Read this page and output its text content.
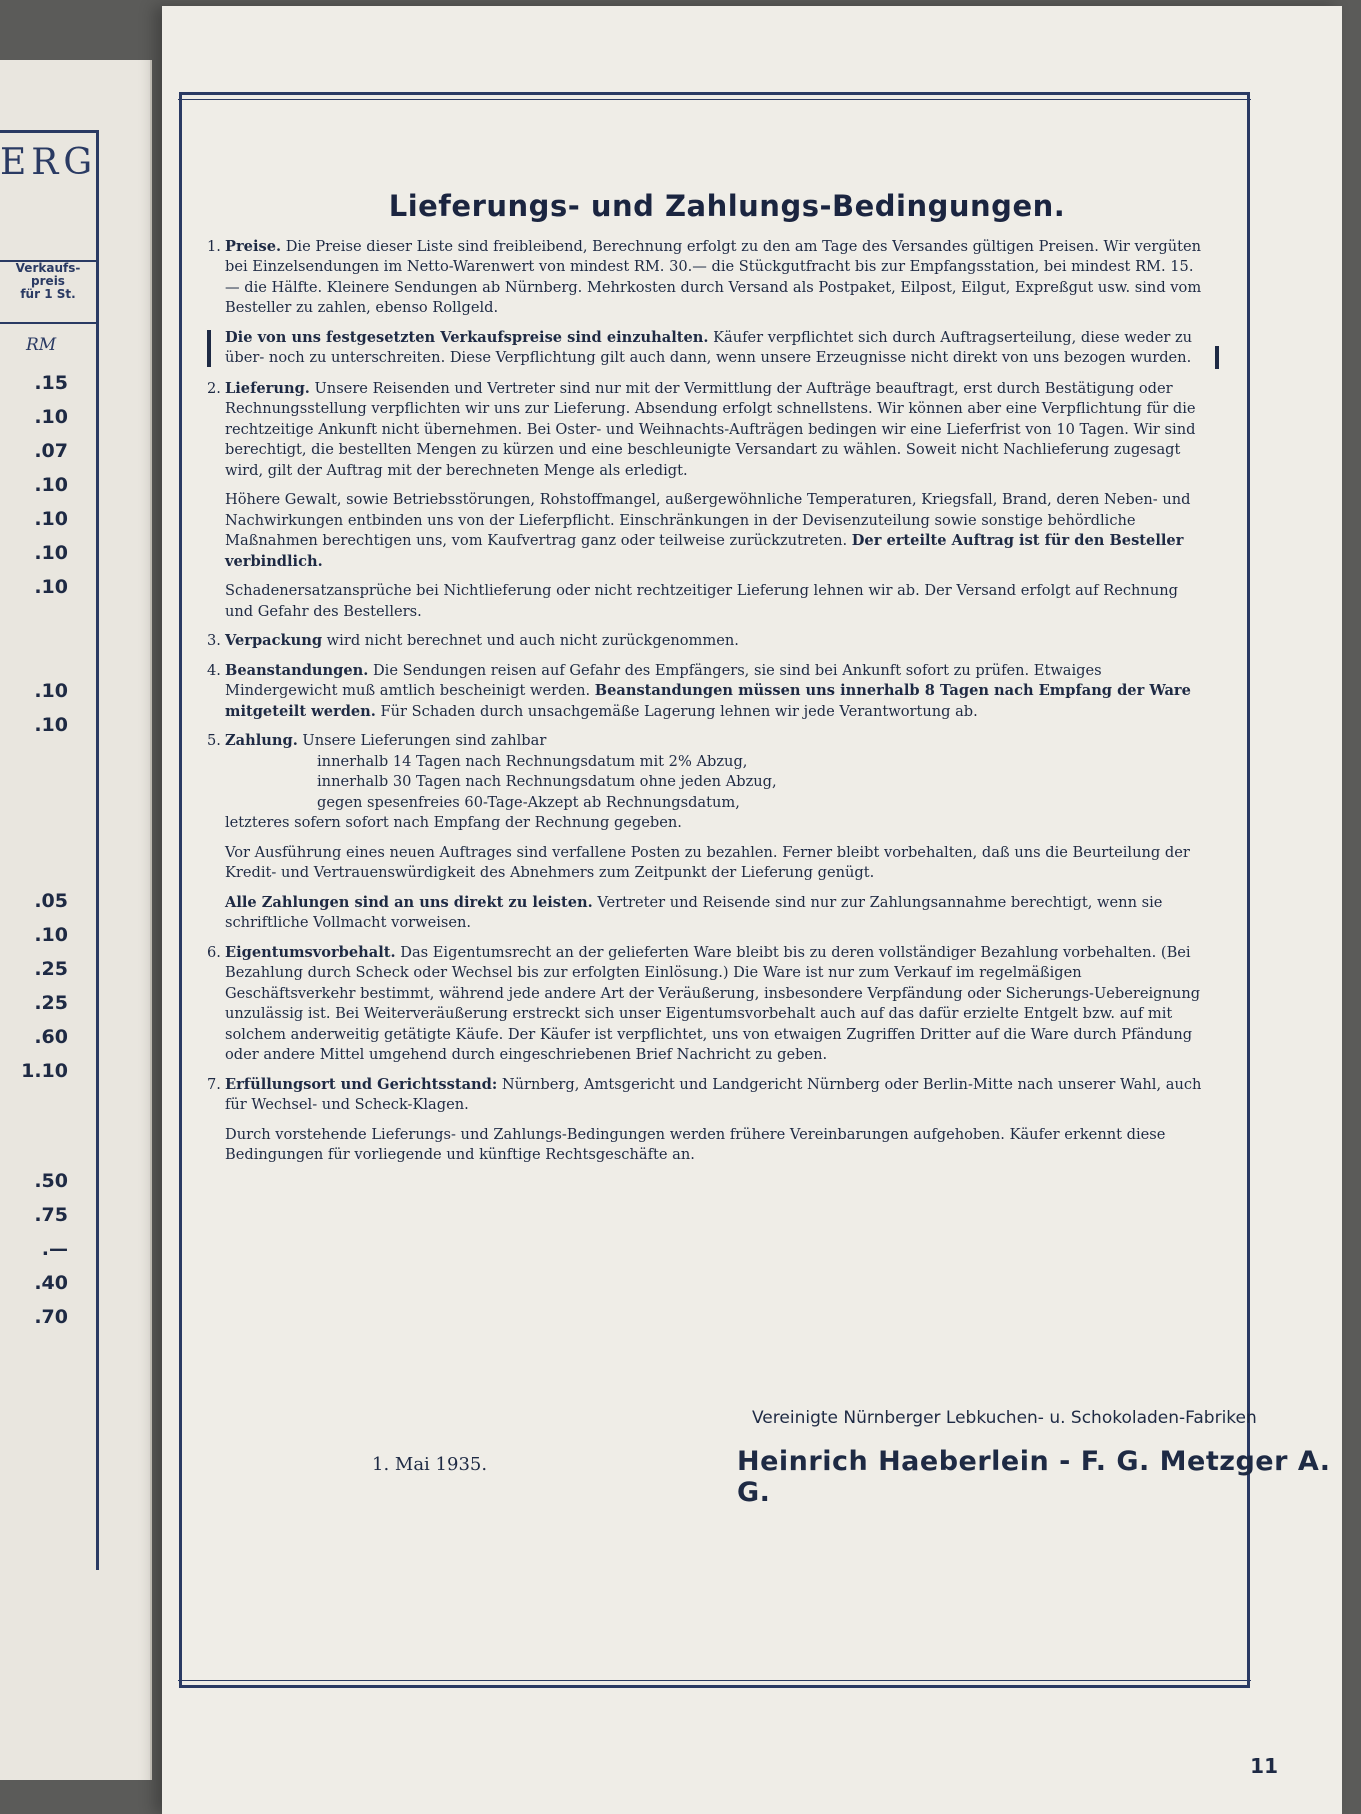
ERG
Verkaufs-
preis
für 1 St.
RM
.15
.10
.07
.10
.10
.10
.10
.10
.10
.05
.10
.25
.25
.60
1.10
.50
.75
.—
.40
.70
Lieferungs- und Zahlungs-Bedingungen.

1. Preise. Die Preise dieser Liste sind freibleibend, Berechnung erfolgt zu den am Tage des Versandes gültigen Preisen. Wir vergüten bei Einzelsendungen im Netto-Warenwert von mindest RM. 30.— die Stückgutfracht bis zur Empfangsstation, bei mindest RM. 15.— die Hälfte. Kleinere Sendungen ab Nürnberg. Mehrkosten durch Versand als Postpaket, Eilpost, Eilgut, Expreßgut usw. sind vom Besteller zu zahlen, ebenso Rollgeld.

Die von uns festgesetzten Verkaufspreise sind einzuhalten. Käufer verpflichtet sich durch Auftragserteilung, diese weder zu über- noch zu unterschreiten. Diese Verpflichtung gilt auch dann, wenn unsere Erzeugnisse nicht direkt von uns bezogen wurden.

2. Lieferung. Unsere Reisenden und Vertreter sind nur mit der Vermittlung der Aufträge beauftragt, erst durch Bestätigung oder Rechnungsstellung verpflichten wir uns zur Lieferung. Absendung erfolgt schnellstens. Wir können aber eine Verpflichtung für die rechtzeitige Ankunft nicht übernehmen. Bei Oster- und Weihnachts-Aufträgen bedingen wir eine Lieferfrist von 10 Tagen. Wir sind berechtigt, die bestellten Mengen zu kürzen und eine beschleunigte Versandart zu wählen. Soweit nicht Nachlieferung zugesagt wird, gilt der Auftrag mit der berechneten Menge als erledigt.

Höhere Gewalt, sowie Betriebsstörungen, Rohstoffmangel, außergewöhnliche Temperaturen, Kriegsfall, Brand, deren Neben- und Nachwirkungen entbinden uns von der Lieferpflicht. Einschränkungen in der Devisenzuteilung sowie sonstige behördliche Maßnahmen berechtigen uns, vom Kaufvertrag ganz oder teilweise zurückzutreten. Der erteilte Auftrag ist für den Besteller verbindlich.

Schadenersatzansprüche bei Nichtlieferung oder nicht rechtzeitiger Lieferung lehnen wir ab. Der Versand erfolgt auf Rechnung und Gefahr des Bestellers.

3. Verpackung wird nicht berechnet und auch nicht zurückgenommen.

4. Beanstandungen. Die Sendungen reisen auf Gefahr des Empfängers, sie sind bei Ankunft sofort zu prüfen. Etwaiges Mindergewicht muß amtlich bescheinigt werden. Beanstandungen müssen uns innerhalb 8 Tagen nach Empfang der Ware mitgeteilt werden. Für Schaden durch unsachgemäße Lagerung lehnen wir jede Verantwortung ab.

5. Zahlung. Unsere Lieferungen sind zahlbar

innerhalb 14 Tagen nach Rechnungsdatum mit 2% Abzug,

innerhalb 30 Tagen nach Rechnungsdatum ohne jeden Abzug,

gegen spesenfreies 60-Tage-Akzept ab Rechnungsdatum,

letzteres sofern sofort nach Empfang der Rechnung gegeben.

Vor Ausführung eines neuen Auftrages sind verfallene Posten zu bezahlen. Ferner bleibt vorbehalten, daß uns die Beurteilung der Kredit- und Vertrauenswürdigkeit des Abnehmers zum Zeitpunkt der Lieferung genügt.

Alle Zahlungen sind an uns direkt zu leisten. Vertreter und Reisende sind nur zur Zahlungsannahme berechtigt, wenn sie schriftliche Vollmacht vorweisen.

6. Eigentumsvorbehalt. Das Eigentumsrecht an der gelieferten Ware bleibt bis zu deren vollständiger Bezahlung vorbehalten. (Bei Bezahlung durch Scheck oder Wechsel bis zur erfolgten Einlösung.) Die Ware ist nur zum Verkauf im regelmäßigen Geschäftsverkehr bestimmt, während jede andere Art der Veräußerung, insbesondere Verpfändung oder Sicherungs-Uebereignung unzulässig ist. Bei Weiterveräußerung erstreckt sich unser Eigentumsvorbehalt auch auf das dafür erzielte Entgelt bzw. auf mit solchem anderweitig getätigte Käufe. Der Käufer ist verpflichtet, uns von etwaigen Zugriffen Dritter auf die Ware durch Pfändung oder andere Mittel umgehend durch eingeschriebenen Brief Nachricht zu geben.

7. Erfüllungsort und Gerichtsstand: Nürnberg, Amtsgericht und Landgericht Nürnberg oder Berlin-Mitte nach unserer Wahl, auch für Wechsel- und Scheck-Klagen.

Durch vorstehende Lieferungs- und Zahlungs-Bedingungen werden frühere Vereinbarungen aufgehoben. Käufer erkennt diese Bedingungen für vorliegende und künftige Rechtsgeschäfte an.

Vereinigte Nürnberger Lebkuchen- u. Schokoladen-Fabriken
1. Mai 1935.	Heinrich Haeberlein - F. G. Metzger A. G.
11
